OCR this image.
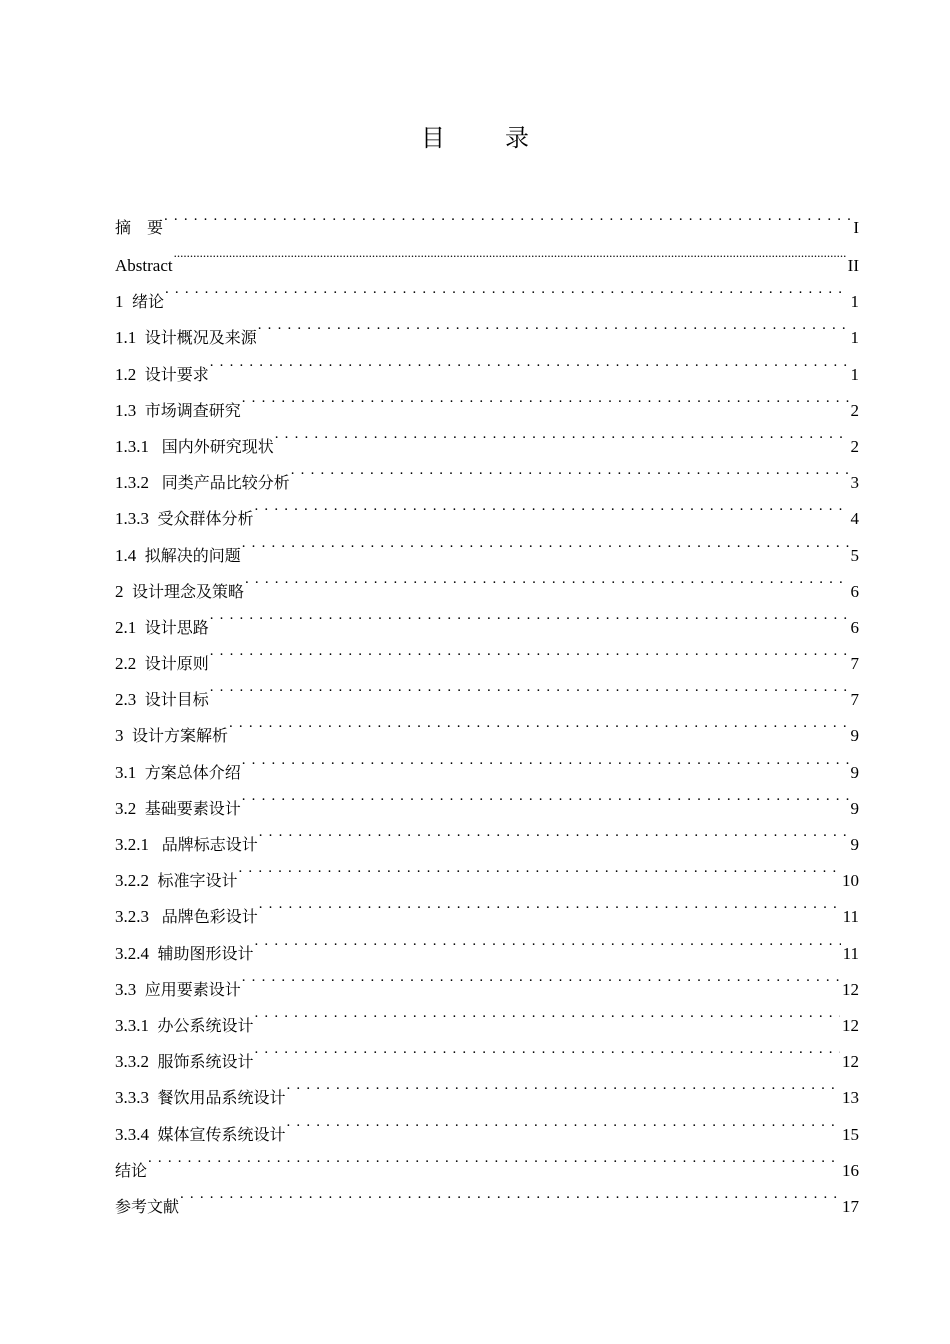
目　录
摘　要 . . .	I
Abstract .....	II
1 绪论 . . .	1
1.1 设计概况及来源 . . .	1
1.2 设计要求 . . .	1
1.3 市场调查研究 . . .	2
1.3.1 国内外研究现状 . . .	2
1.3.2 同类产品比较分析 . . .	3
1.3.3 受众群体分析 . . .	4
1.4 拟解决的问题 . . .	5
2 设计理念及策略 . . .	6
2.1 设计思路 . . .	6
2.2 设计原则 . . .	7
2.3 设计目标 . . .	7
3 设计方案解析 . . .	9
3.1 方案总体介绍 . . .	9
3.2 基础要素设计 . . .	9
3.2.1 品牌标志设计 . . .	9
3.2.2 标准字设计 . . .	10
3.2.3 品牌色彩设计 . . .	11
3.2.4 辅助图形设计 . . .	11
3.3 应用要素设计 . . .	12
3.3.1 办公系统设计 . . .	12
3.3.2 服饰系统设计 . . .	12
3.3.3 餐饮用品系统设计 . . .	13
3.3.4 媒体宣传系统设计 . . .	15
结论 . . .	16
参考文献 . . .	17
